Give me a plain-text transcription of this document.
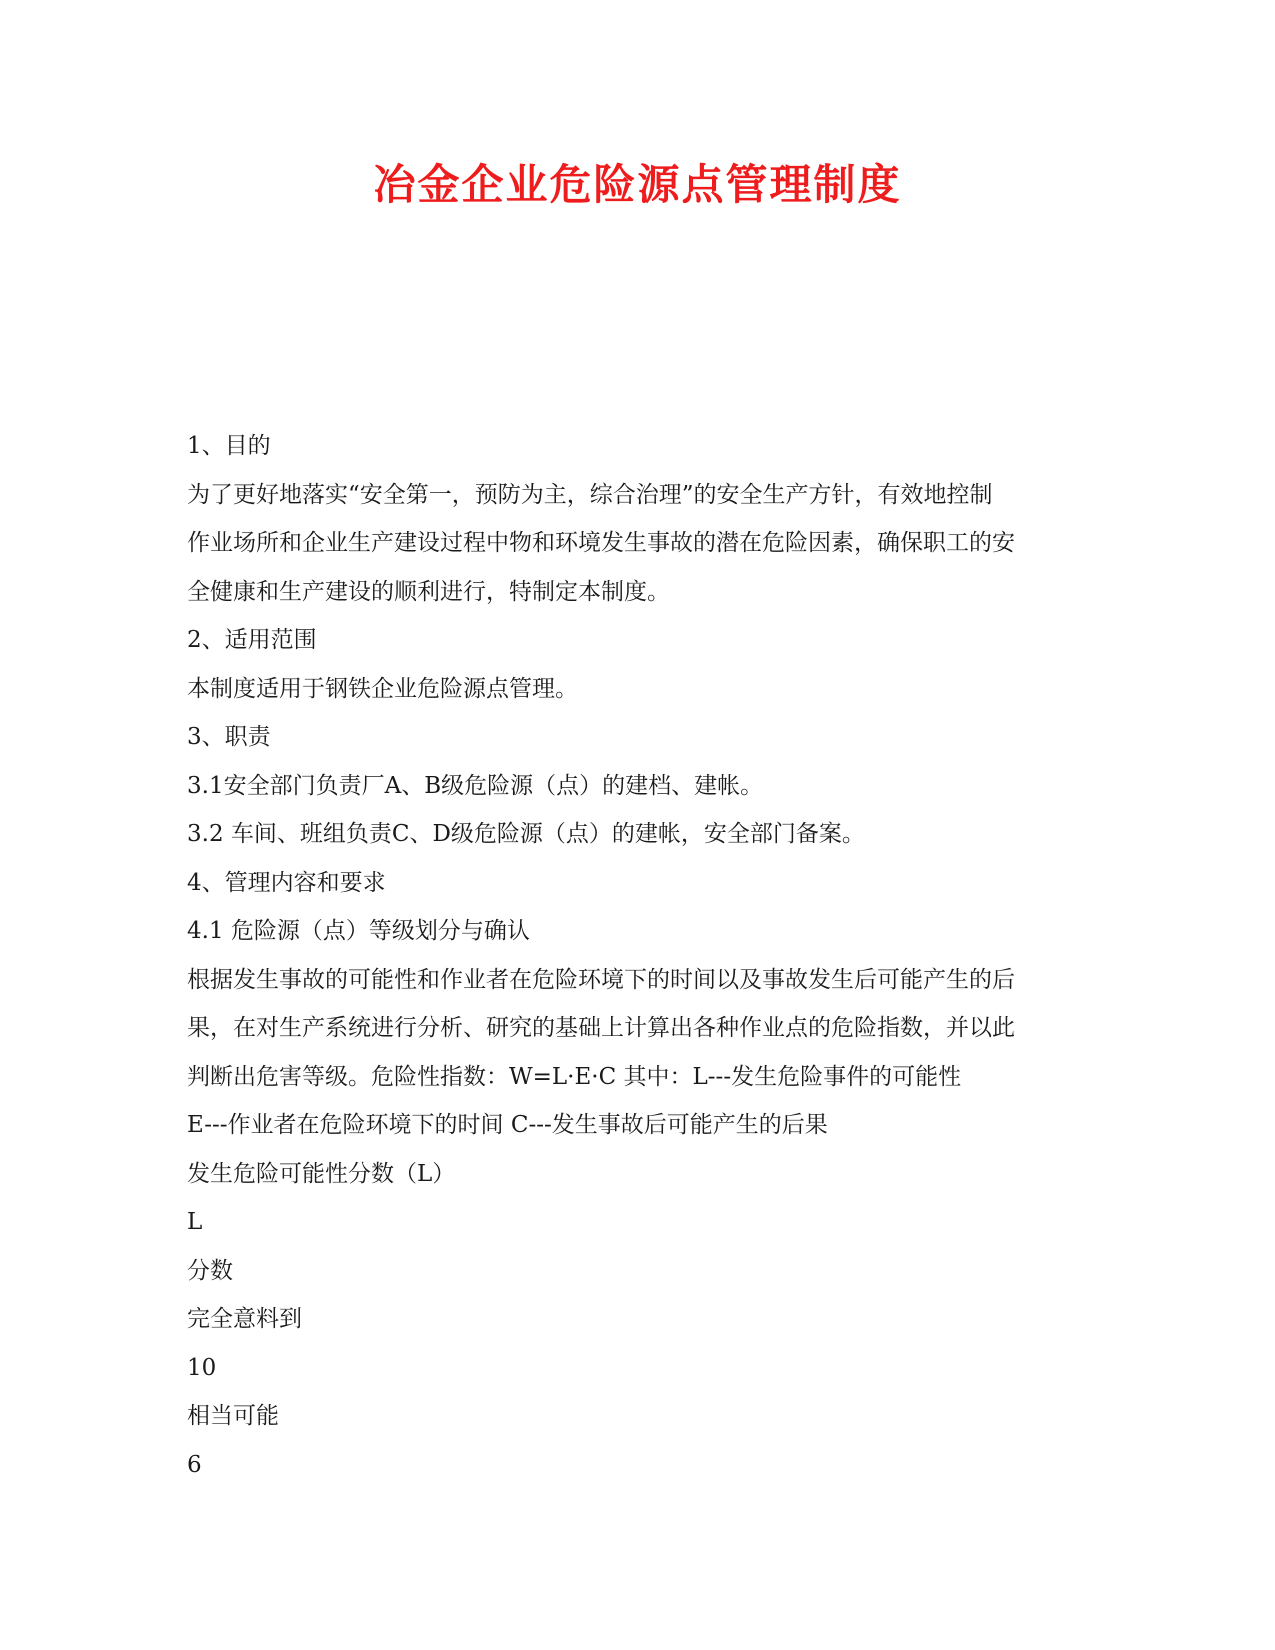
冶金企业危险源点管理制度
1、目的
为了更好地落实“安全第一，预防为主，综合治理”的安全生产方针，有效地控制
作业场所和企业生产建设过程中物和环境发生事故的潜在危险因素，确保职工的安
全健康和生产建设的顺利进行，特制定本制度。
2、适用范围
本制度适用于钢铁企业危险源点管理。
3、职责
3.1安全部门负责厂A、B级危险源（点）的建档、建帐。
3.2 车间、班组负责C、D级危险源（点）的建帐，安全部门备案。
4、管理内容和要求
4.1 危险源（点）等级划分与确认
根据发生事故的可能性和作业者在危险环境下的时间以及事故发生后可能产生的后
果，在对生产系统进行分析、研究的基础上计算出各种作业点的危险指数，并以此
判断出危害等级。危险性指数：W=L·E·C 其中：L---发生危险事件的可能性
E---作业者在危险环境下的时间 C---发生事故后可能产生的后果
发生危险可能性分数（L）
L
分数
完全意料到
10
相当可能
6
